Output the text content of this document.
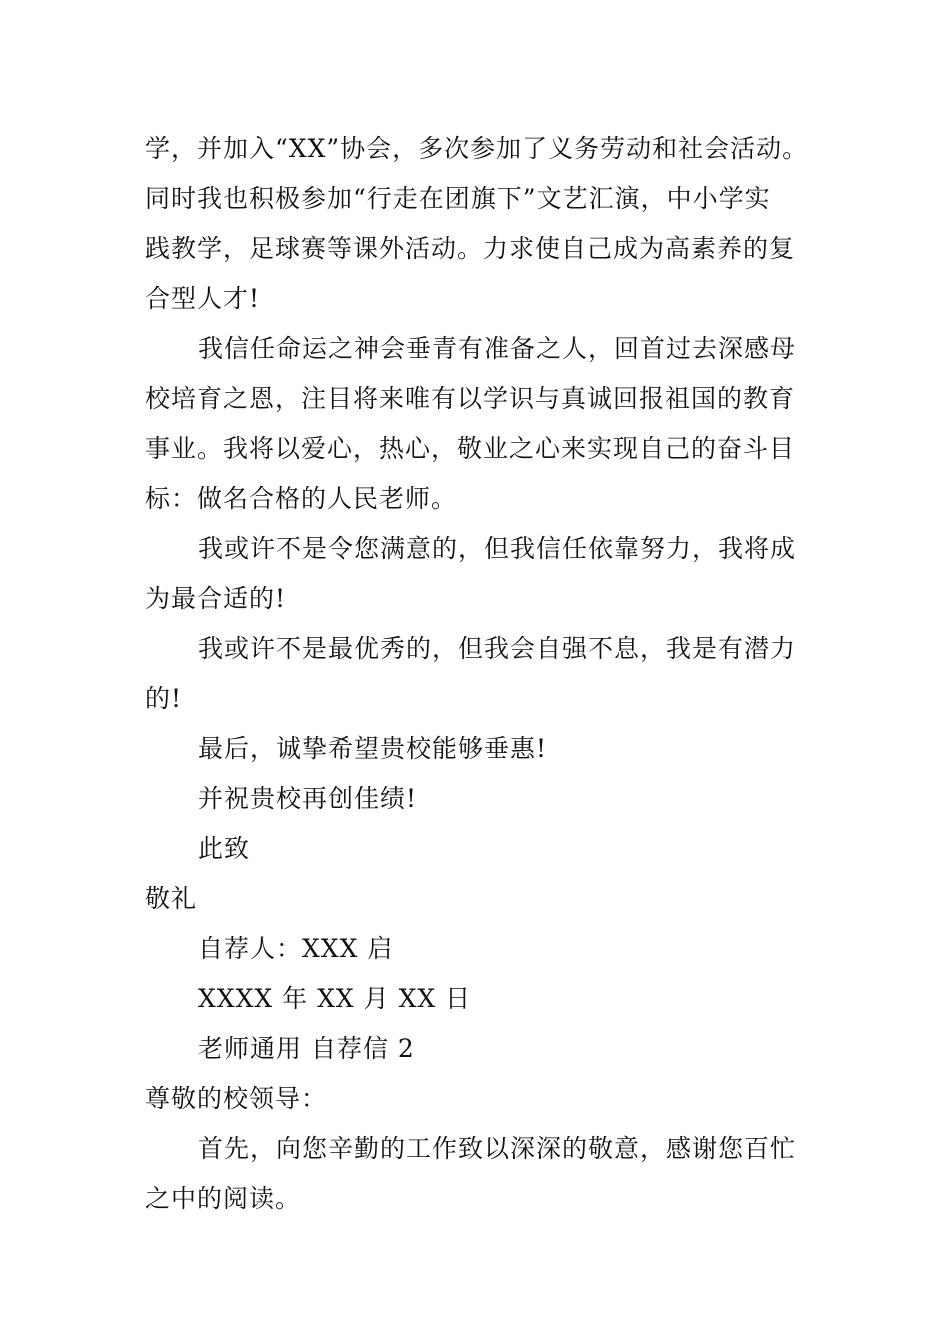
学，并加入“XX”协会，多次参加了义务劳动和社会活动。
同时我也积极参加“行走在团旗下”文艺汇演，中小学实
践教学，足球赛等课外活动。力求使自己成为高素养的复
合型人才!
我信任命运之神会垂青有准备之人，回首过去深感母
校培育之恩，注目将来唯有以学识与真诚回报祖国的教育
事业。我将以爱心，热心，敬业之心来实现自己的奋斗目
标：做名合格的人民老师。
我或许不是令您满意的，但我信任依靠努力，我将成
为最合适的!
我或许不是最优秀的，但我会自强不息，我是有潜力
的!
最后，诚挚希望贵校能够垂惠!
并祝贵校再创佳绩!
此致
敬礼
自荐人：XXX 启
XXXX 年 XX 月 XX 日
老师通用 自荐信 2
尊敬的校领导：
首先，向您辛勤的工作致以深深的敬意，感谢您百忙
之中的阅读。
